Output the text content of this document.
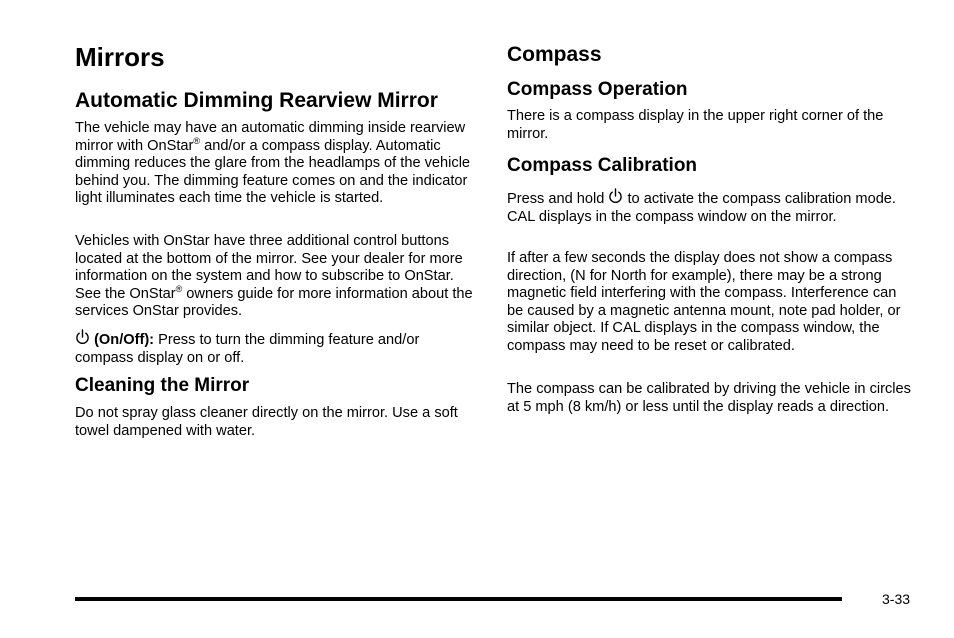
Mirrors
Automatic Dimming Rearview Mirror

The vehicle may have an automatic dimming inside rearview mirror with OnStar® and/or a compass display. Automatic dimming reduces the glare from the headlamps of the vehicle behind you. The dimming feature comes on and the indicator light illuminates each time the vehicle is started.

Vehicles with OnStar have three additional control buttons located at the bottom of the mirror. See your dealer for more information on the system and how to subscribe to OnStar. See the OnStar® owners guide for more information about the services OnStar provides.

(On/Off): Press to turn the dimming feature and/or compass display on or off.

Cleaning the Mirror

Do not spray glass cleaner directly on the mirror. Use a soft towel dampened with water.

Compass
Compass Operation

There is a compass display in the upper right corner of the mirror.

Compass Calibration

Press and hold  to activate the compass calibration mode. CAL displays in the compass window on the mirror.

If after a few seconds the display does not show a compass direction, (N for North for example), there may be a strong magnetic field interfering with the compass. Interference can be caused by a magnetic antenna mount, note pad holder, or similar object. If CAL displays in the compass window, the compass may need to be reset or calibrated.

The compass can be calibrated by driving the vehicle in circles at 5 mph (8 km/h) or less until the display reads a direction.

3-33
